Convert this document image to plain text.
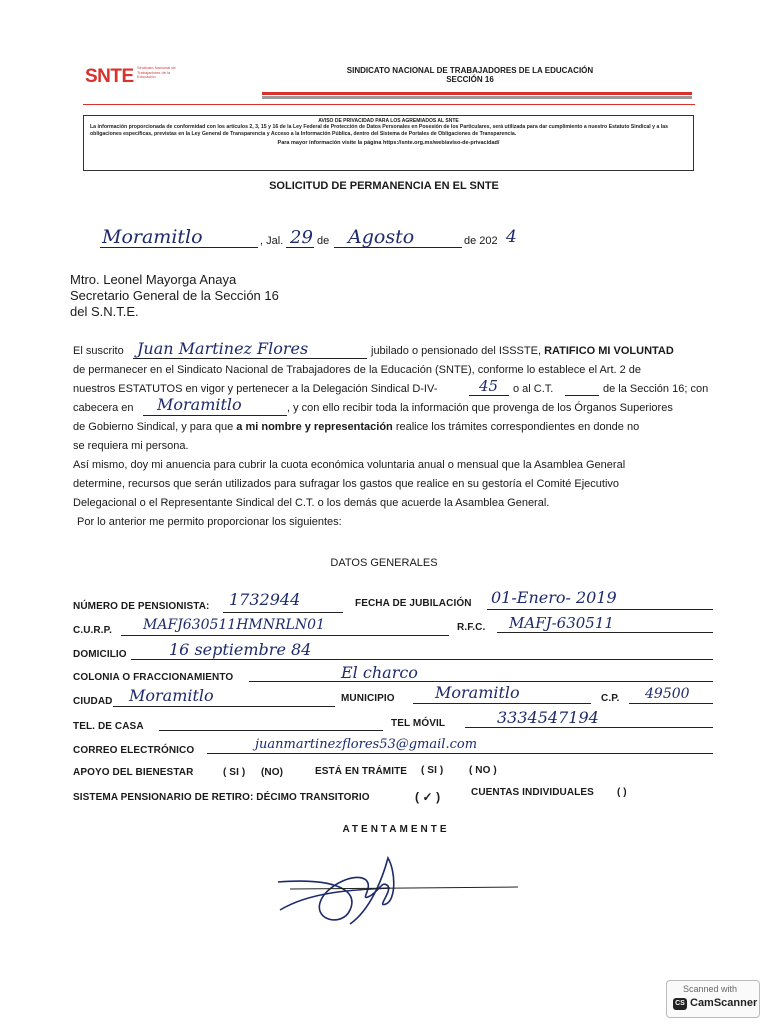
SNTE Sindicato Nacional de Trabajadores de la Educación
SINDICATO NACIONAL DE TRABAJADORES DE LA EDUCACIÓN
SECCIÓN 16
AVISO DE PRIVACIDAD PARA LOS AGREMIADOS AL SNTE
La información proporcionada de conformidad con los artículos 2, 3, 15 y 16 de la Ley Federal de Protección de Datos Personales en Posesión de los Particulares, será utilizada para dar cumplimiento a nuestro Estatuto Sindical y a las obligaciones específicas, previstas en la Ley General de Transparencia y Acceso a la Información Pública, dentro del Sistema de Portales de Obligaciones de Transparencia.
Para mayor información visite la página https://snte.org.mx/web/aviso-de-privacidad/
SOLICITUD DE PERMANENCIA EN EL SNTE
Moramitlo	, Jal. 29 de Agosto	de 202 4
Mtro. Leonel Mayorga Anaya
Secretario General de la Sección 16
del S.N.T.E.
El suscrito Juan Martinez Flores	jubilado o pensionado del ISSSTE, RATIFICO MI VOLUNTAD
de permanecer en el Sindicato Nacional de Trabajadores de la Educación (SNTE), conforme lo establece el Art. 2 de
nuestros ESTATUTOS en vigor y pertenecer a la Delegación Sindical D-IV-	45 o al C.T.	de la Sección 16; con
cabecera en Moramitlo	, y con ello recibir toda la información que provenga de los Órganos Superiores
de Gobierno Sindical, y para que a mi nombre y representación realice los trámites correspondientes en donde no
se requiera mi persona.
Así mismo, doy mi anuencia para cubrir la cuota económica voluntaria anual o mensual que la Asamblea General
determine, recursos que serán utilizados para sufragar los gastos que realice en su gestoría el Comité Ejecutivo
Delegacional o el Representante Sindical del C.T. o los demás que acuerde la Asamblea General.
Por lo anterior me permito proporcionar los siguientes:
DATOS GENERALES
NÚMERO DE PENSIONISTA: 1732944	FECHA DE JUBILACIÓN 01-Enero- 2019
C.U.R.P. MAFJ630511HMNRLN01	R.F.C. MAFJ-630511
DOMICILIO	16 septiembre 84
COLONIA O FRACCIONAMIENTO	El charco
CIUDAD Moramitlo	MUNICIPIO	Moramitlo	C.P. 49500
TEL. DE CASA	TEL MÓVIL	3334547194
CORREO ELECTRÓNICO	juanmartinezflores53@gmail.com
APOYO DEL BIENESTAR	( SI ) (NO)	ESTÁ EN TRÁMITE ( SI )	( NO )
SISTEMA PENSIONARIO DE RETIRO: DÉCIMO TRANSITORIO	( ✓ )	CUENTAS INDIVIDUALES ( )
ATENTAMENTE
Scanned with
CS CamScanner
